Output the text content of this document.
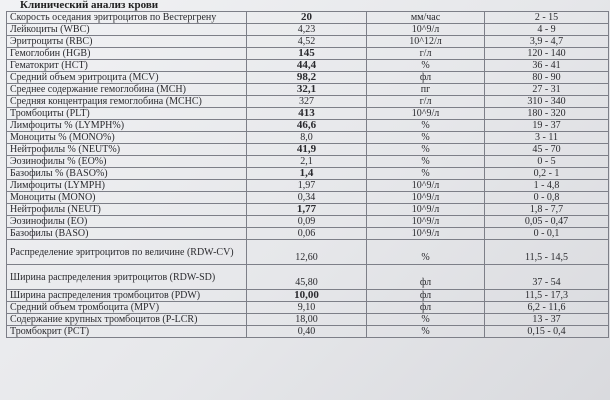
Клинический анализ крови
Скорость оседания эритроцитов по Вестергрену	20	мм/час	2 - 15
Лейкоциты (WBC)	4,23	10^9/л	4 - 9
Эритроциты (RBC)	4,52	10^12/л	3,9 - 4,7
Гемоглобин (HGB)	145	г/л	120 - 140
Гематокрит (HCT)	44,4	%	36 - 41
Средний объем эритроцита (MCV)	98,2	фл	80 - 90
Среднее содержание гемоглобина (MCH)	32,1	пг	27 - 31
Средняя концентрация гемоглобина (MCHC)	327	г/л	310 - 340
Тромбоциты (PLT)	413	10^9/л	180 - 320
Лимфоциты % (LYMPH%)	46,6	%	19 - 37
Моноциты % (MONO%)	8,0	%	3 - 11
Нейтрофилы % (NEUT%)	41,9	%	45 - 70
Эозинофилы % (EO%)	2,1	%	0 - 5
Базофилы % (BASO%)	1,4	%	0,2 - 1
Лимфоциты (LYMPH)	1,97	10^9/л	1 - 4,8
Моноциты (MONO)	0,34	10^9/л	0 - 0,8
Нейтрофилы (NEUT)	1,77	10^9/л	1,8 - 7,7
Эозинофилы (EO)	0,09	10^9/л	0,05 - 0,47
Базофилы (BASO)	0,06	10^9/л	0 - 0,1
Распределение эритроцитов по величине (RDW-CV)	12,60	%	11,5 - 14,5
Ширина распределения эритроцитов (RDW-SD)	45,80	фл	37 - 54
Ширина распределения тромбоцитов (PDW)	10,00	фл	11,5 - 17,3
Средний объем тромбоцита (MPV)	9,10	фл	6,2 - 11,6
Содержание крупных тромбоцитов (P-LCR)	18,00	%	13 - 37
Тромбокрит (PCT)	0,40	%	0,15 - 0,4
